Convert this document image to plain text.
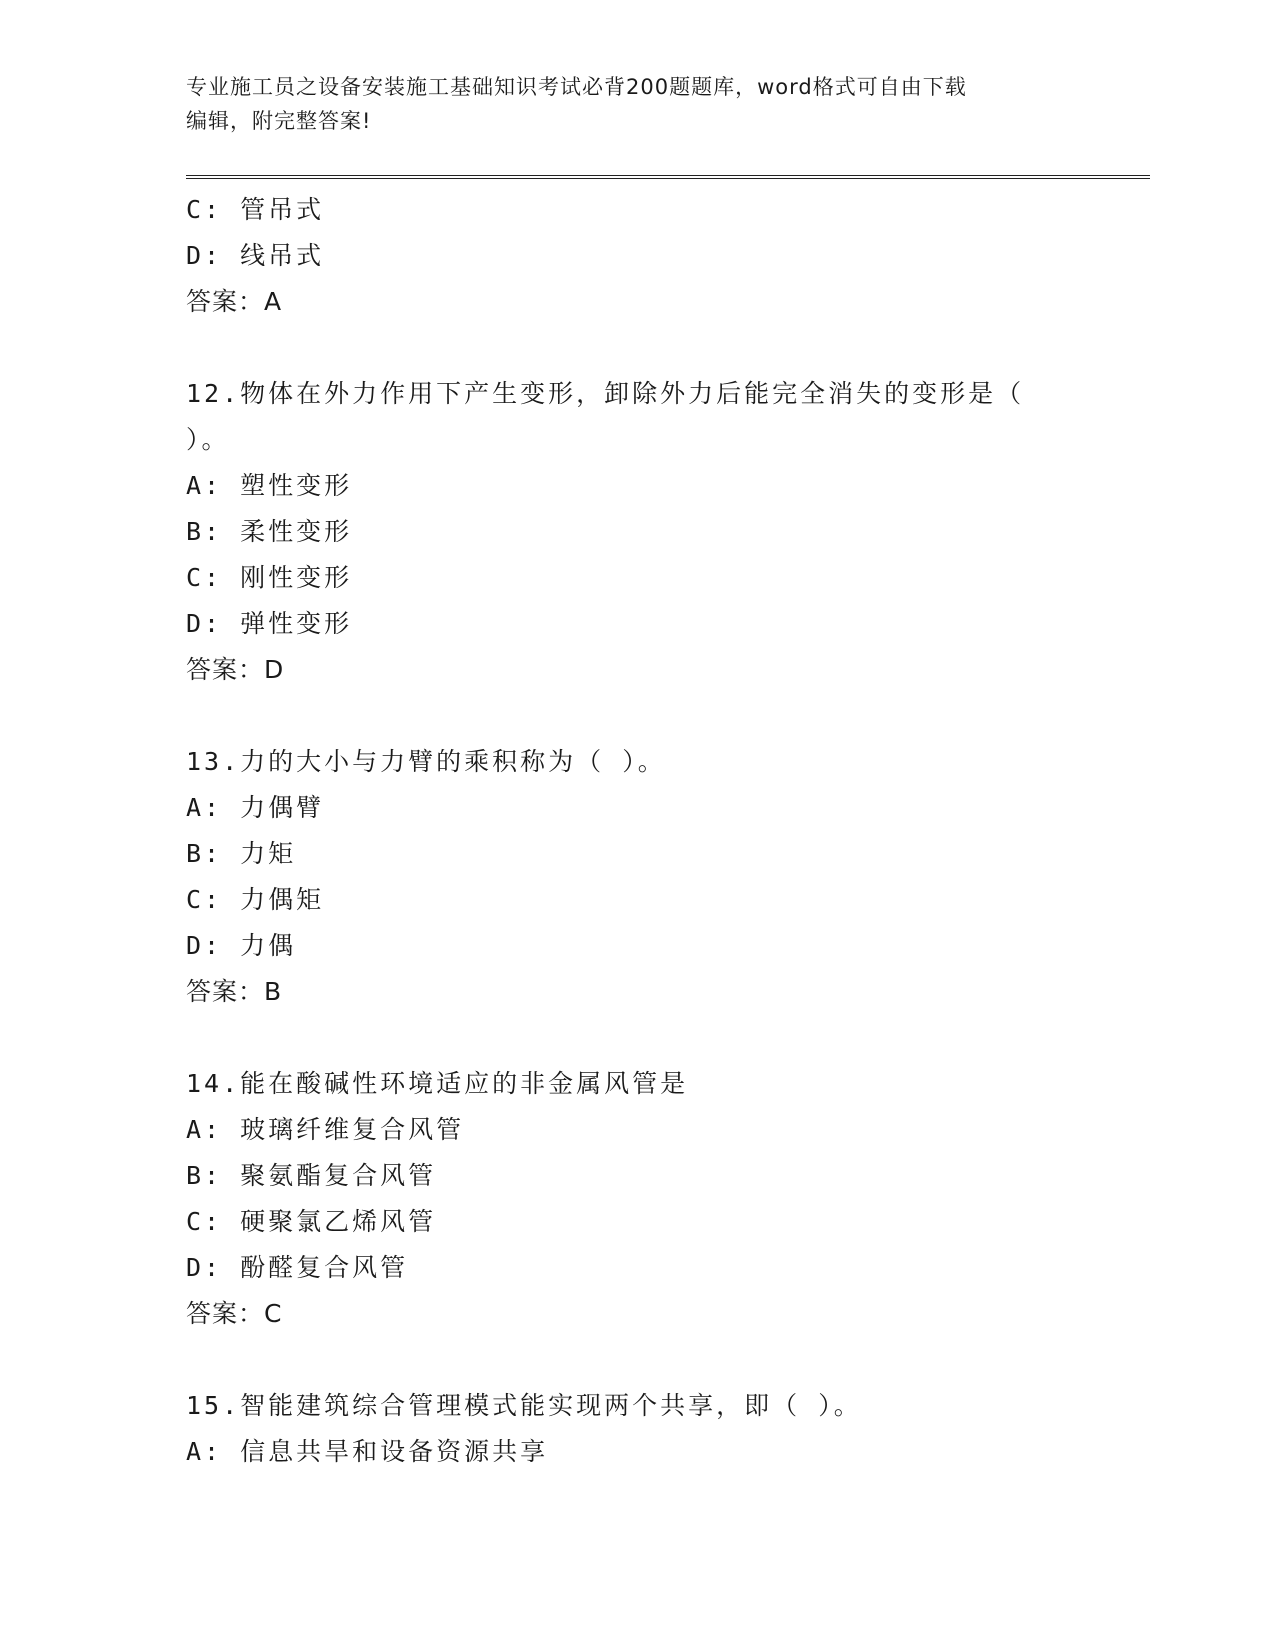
专业施工员之设备安装施工基础知识考试必背200题题库，word格式可自由下载
编辑，附完整答案!
C: 管吊式
D: 线吊式
答案：A
12.物体在外力作用下产生变形，卸除外力后能完全消失的变形是（
）。
A: 塑性变形
B: 柔性变形
C: 刚性变形
D: 弹性变形
答案：D
13.力的大小与力臂的乘积称为（ ）。
A: 力偶臂
B: 力矩
C: 力偶矩
D: 力偶
答案：B
14.能在酸碱性环境适应的非金属风管是
A: 玻璃纤维复合风管
B: 聚氨酯复合风管
C: 硬聚氯乙烯风管
D: 酚醛复合风管
答案：C
15.智能建筑综合管理模式能实现两个共享，即（ ）。
A: 信息共旱和设备资源共享
